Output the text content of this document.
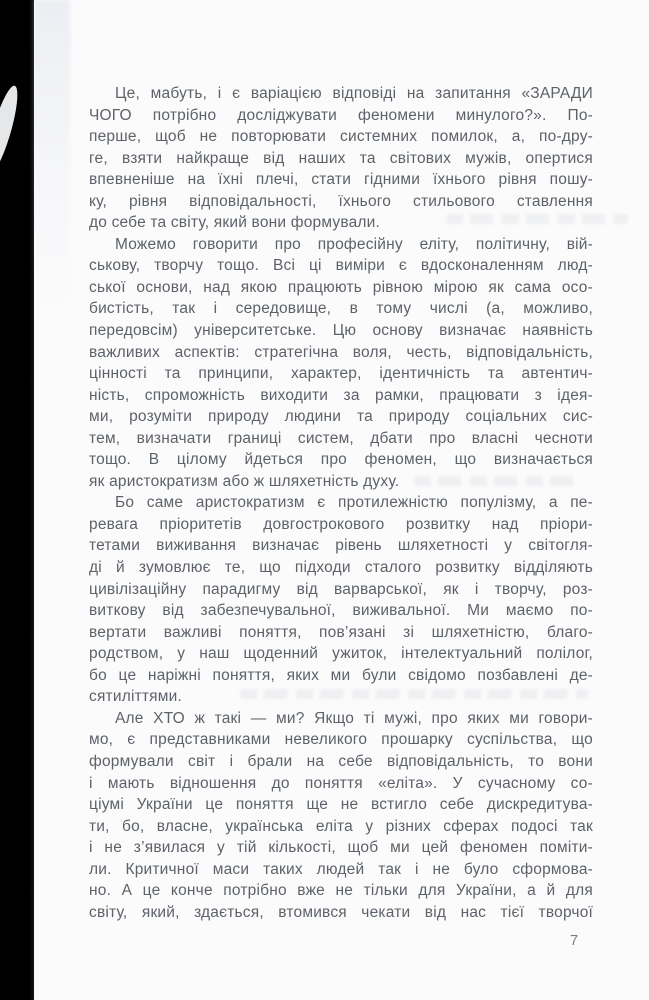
Це, мабуть, і є варіацією відповіді на запитання «ЗАРАДИ
ЧОГО потрібно досліджувати феномени минулого?». По-
перше, щоб не повторювати системних помилок, а, по-дру-
ге, взяти найкраще від наших та світових мужів, опертися
впевненіше на їхні плечі, стати гідними їхнього рівня пошу-
ку, рівня відповідальності, їхнього стильового ставлення
до себе та світу, який вони формували.
Можемо говорити про професійну еліту, політичну, вій-
ськову, творчу тощо. Всі ці виміри є вдосконаленням люд-
ської основи, над якою працюють рівною мірою як сама осо-
бистість, так і середовище, в тому числі (а, можливо,
передовсім) університетське. Цю основу визначає наявність
важливих аспектів: стратегічна воля, честь, відповідальність,
цінності та принципи, характер, ідентичність та автентич-
ність, спроможність виходити за рамки, працювати з ідея-
ми, розуміти природу людини та природу соціальних сис-
тем, визначати границі систем, дбати про власні чесноти
тощо. В цілому йдеться про феномен, що визначається
як аристократизм або ж шляхетність духу.
Бо саме аристократизм є протилежністю популізму, а пе-
ревага пріоритетів довгострокового розвитку над пріори-
тетами виживання визначає рівень шляхетності у світогля-
ді й зумовлює те, що підходи сталого розвитку відділяють
цивілізаційну парадигму від варварської, як і творчу, роз-
виткову від забезпечувальної, виживальної. Ми маємо по-
вертати важливі поняття, пов’язані зі шляхетністю, благо-
родством, у наш щоденний ужиток, інтелектуальний полілог,
бо це наріжні поняття, яких ми були свідомо позбавлені де-
сятиліттями.
Але ХТО ж такі — ми? Якщо ті мужі, про яких ми говори-
мо, є представниками невеликого прошарку суспільства, що
формували світ і брали на себе відповідальність, то вони
і мають відношення до поняття «еліта». У сучасному со-
ціумі України це поняття ще не встигло себе дискредитува-
ти, бо, власне, українська еліта у різних сферах подосі так
і не з’явилася у тій кількості, щоб ми цей феномен поміти-
ли. Критичної маси таких людей так і не було сформова-
но. А це конче потрібно вже не тільки для України, а й для
світу, який, здається, втомився чекати від нас тієї творчої
7
